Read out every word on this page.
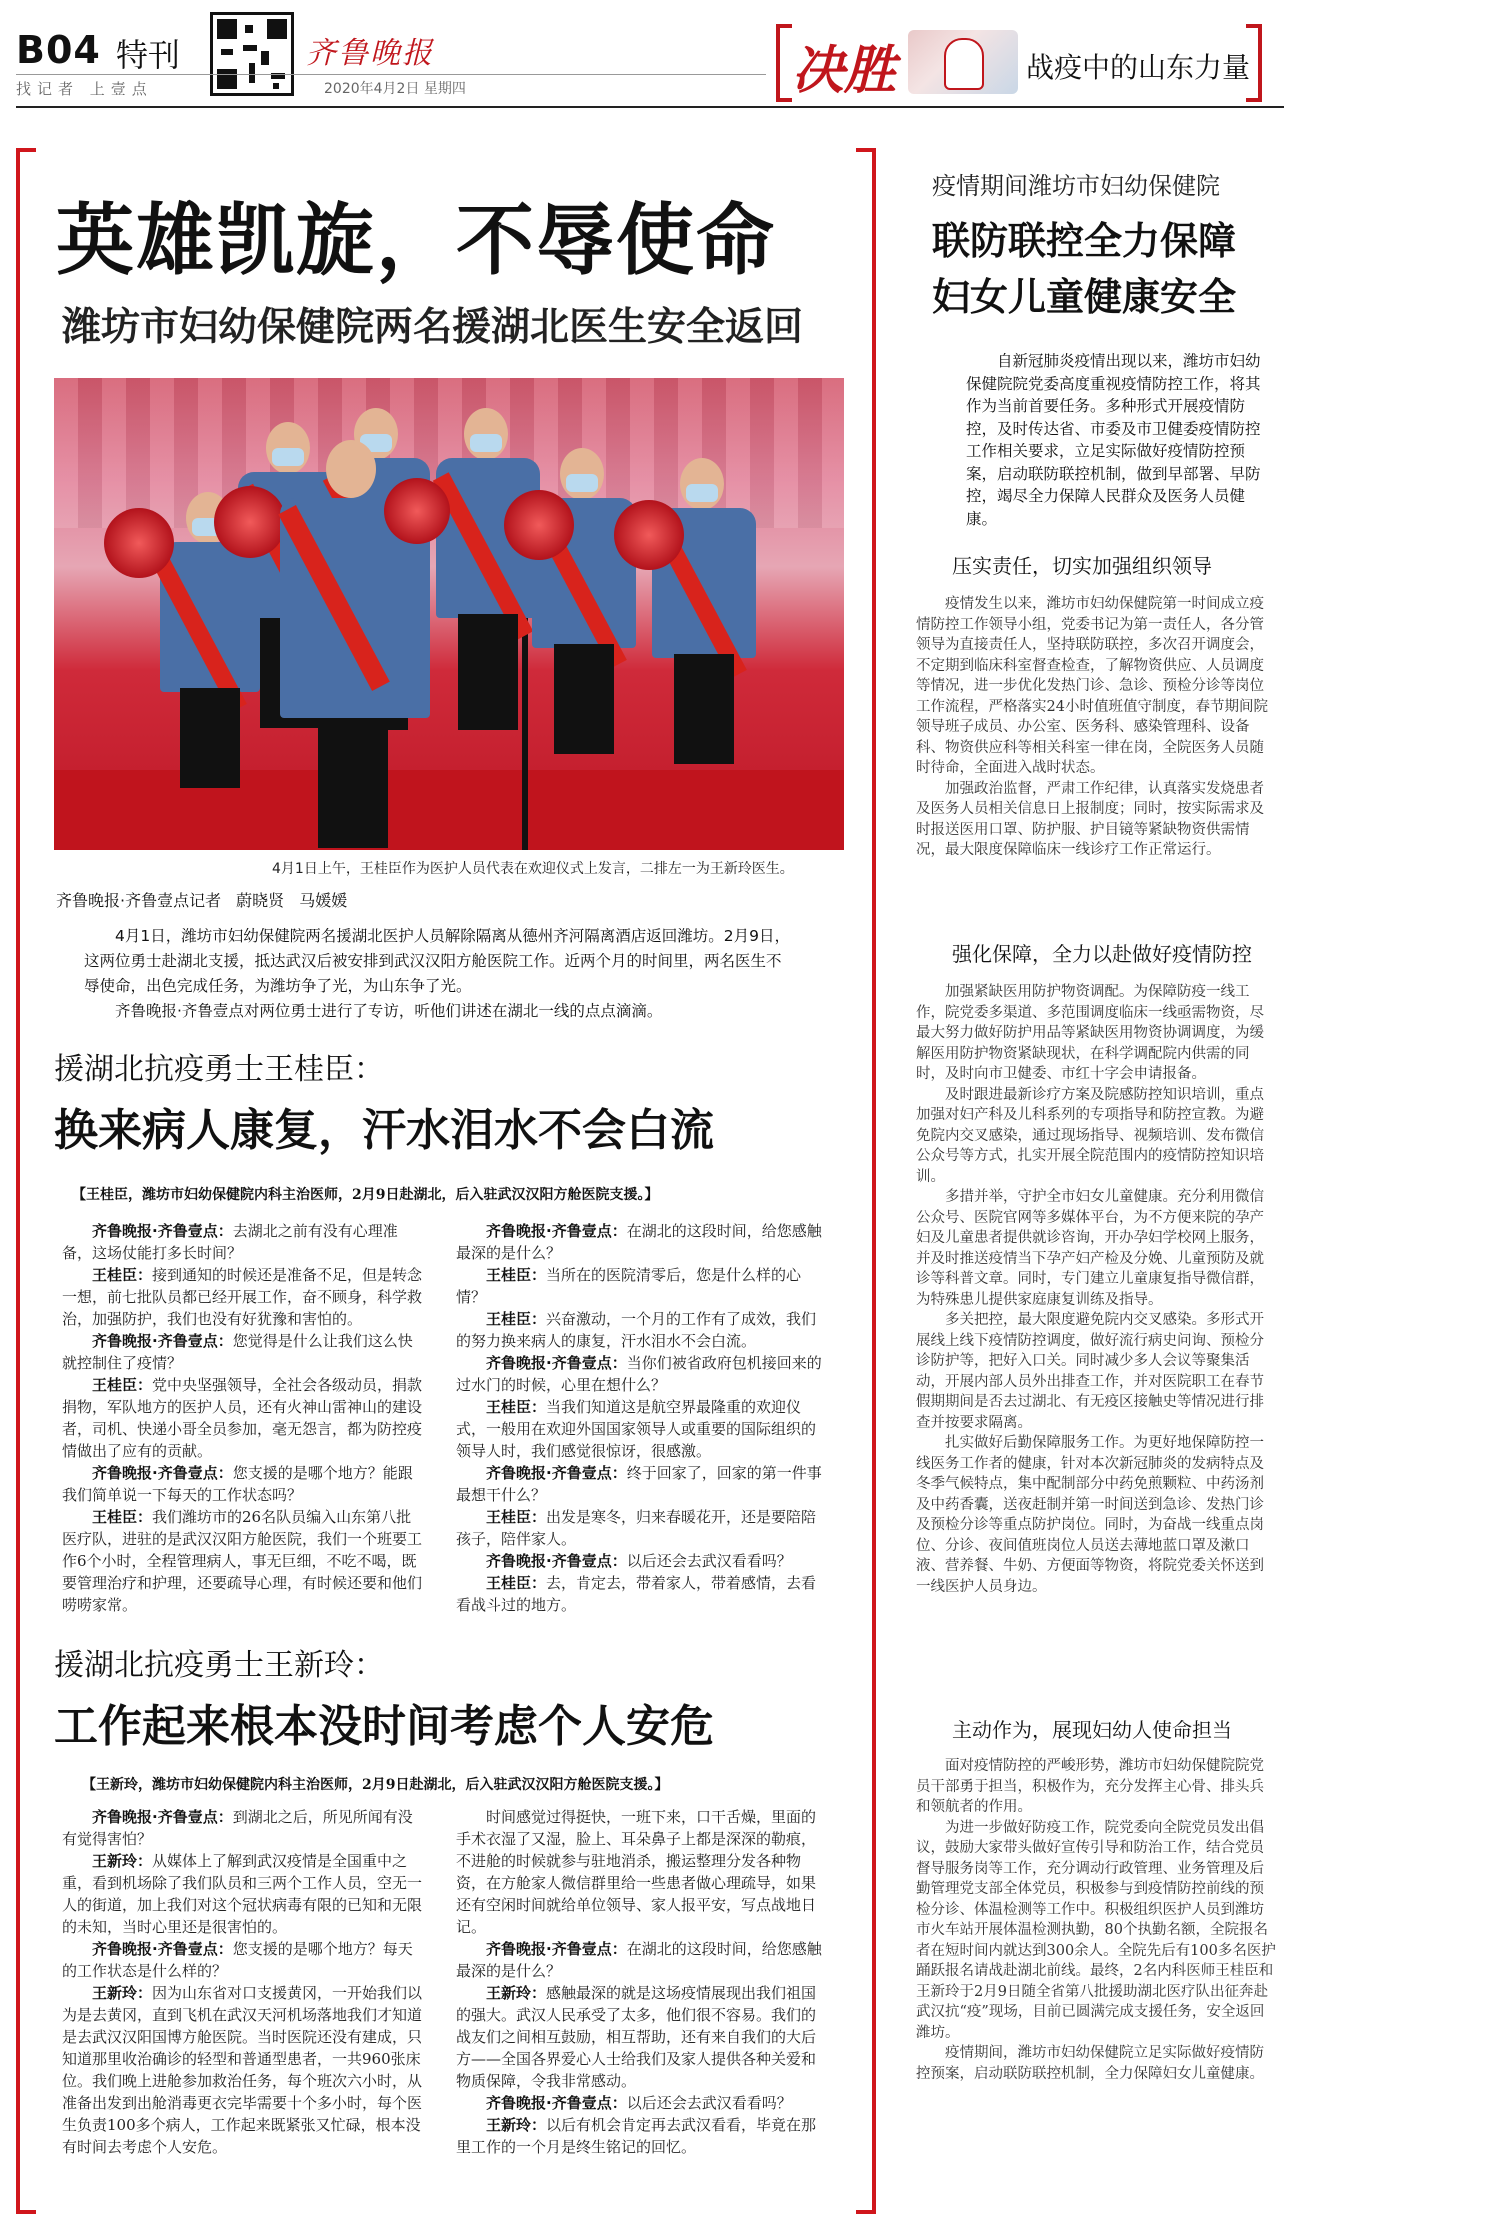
B04 特刊	齐鲁晚报
找记者 上壹点	2020年4月2日 星期四	决胜	战疫中的山东力量
英雄凯旋，不辱使命
潍坊市妇幼保健院两名援湖北医生安全返回
4月1日上午，王桂臣作为医护人员代表在欢迎仪式上发言，二排左一为王新玲医生。
齐鲁晚报·齐鲁壹点记者 蔚晓贤 马媛媛

4月1日，潍坊市妇幼保健院两名援湖北医护人员解除隔离从德州齐河隔离酒店返回潍坊。2月9日，这两位勇士赴湖北支援，抵达武汉后被安排到武汉汉阳方舱医院工作。近两个月的时间里，两名医生不辱使命，出色完成任务，为潍坊争了光，为山东争了光。

齐鲁晚报·齐鲁壹点对两位勇士进行了专访，听他们讲述在湖北一线的点点滴滴。

援湖北抗疫勇士王桂臣：
换来病人康复，汗水泪水不会白流
【王桂臣，潍坊市妇幼保健院内科主治医师，2月9日赴湖北，后入驻武汉汉阳方舱医院支援。】

齐鲁晚报·齐鲁壹点：去湖北之前有没有心理准备，这场仗能打多长时间？

王桂臣：接到通知的时候还是准备不足，但是转念一想，前七批队员都已经开展工作，奋不顾身，科学救治，加强防护，我们也没有好犹豫和害怕的。

齐鲁晚报·齐鲁壹点：您觉得是什么让我们这么快就控制住了疫情？

王桂臣：党中央坚强领导，全社会各级动员，捐款捐物，军队地方的医护人员，还有火神山雷神山的建设者，司机、快递小哥全员参加，毫无怨言，都为防控疫情做出了应有的贡献。

齐鲁晚报·齐鲁壹点：您支援的是哪个地方？能跟我们简单说一下每天的工作状态吗？

王桂臣：我们潍坊市的26名队员编入山东第八批医疗队，进驻的是武汉汉阳方舱医院，我们一个班要工作6个小时，全程管理病人，事无巨细，不吃不喝，既要管理治疗和护理，还要疏导心理，有时候还要和他们唠唠家常。

齐鲁晚报·齐鲁壹点：在湖北的这段时间，给您感触最深的是什么？

王桂臣：当所在的医院清零后，您是什么样的心情？

王桂臣：兴奋激动，一个月的工作有了成效，我们的努力换来病人的康复，汗水泪水不会白流。

齐鲁晚报·齐鲁壹点：当你们被省政府包机接回来的过水门的时候，心里在想什么？

王桂臣：当我们知道这是航空界最隆重的欢迎仪式，一般用在欢迎外国国家领导人或重要的国际组织的领导人时，我们感觉很惊讶，很感激。

齐鲁晚报·齐鲁壹点：终于回家了，回家的第一件事最想干什么？

王桂臣：出发是寒冬，归来春暖花开，还是要陪陪孩子，陪伴家人。

齐鲁晚报·齐鲁壹点：以后还会去武汉看看吗？

王桂臣：去，肯定去，带着家人，带着感情，去看看战斗过的地方。

援湖北抗疫勇士王新玲：
工作起来根本没时间考虑个人安危
【王新玲，潍坊市妇幼保健院内科主治医师，2月9日赴湖北，后入驻武汉汉阳方舱医院支援。】

齐鲁晚报·齐鲁壹点：到湖北之后，所见所闻有没有觉得害怕？

王新玲：从媒体上了解到武汉疫情是全国重中之重，看到机场除了我们队员和三两个工作人员，空无一人的街道，加上我们对这个冠状病毒有限的已知和无限的未知，当时心里还是很害怕的。

齐鲁晚报·齐鲁壹点：您支援的是哪个地方？每天的工作状态是什么样的？

王新玲：因为山东省对口支援黄冈，一开始我们以为是去黄冈，直到飞机在武汉天河机场落地我们才知道是去武汉汉阳国博方舱医院。当时医院还没有建成，只知道那里收治确诊的轻型和普通型患者，一共960张床位。我们晚上进舱参加救治任务，每个班次六小时，从准备出发到出舱消毒更衣完毕需要十个多小时，每个医生负责100多个病人，工作起来既紧张又忙碌，根本没有时间去考虑个人安危。

时间感觉过得挺快，一班下来，口干舌燥，里面的手术衣湿了又湿，脸上、耳朵鼻子上都是深深的勒痕，不进舱的时候就参与驻地消杀，搬运整理分发各种物资，在方舱家人微信群里给一些患者做心理疏导，如果还有空闲时间就给单位领导、家人报平安，写点战地日记。

齐鲁晚报·齐鲁壹点：在湖北的这段时间，给您感触最深的是什么？

王新玲：感触最深的就是这场疫情展现出我们祖国的强大。武汉人民承受了太多，他们很不容易。我们的战友们之间相互鼓励，相互帮助，还有来自我们的大后方——全国各界爱心人士给我们及家人提供各种关爱和物质保障，令我非常感动。

齐鲁晚报·齐鲁壹点：以后还会去武汉看看吗？

王新玲：以后有机会肯定再去武汉看看，毕竟在那里工作的一个月是终生铭记的回忆。

疫情期间潍坊市妇幼保健院
联防联控全力保障
妇女儿童健康安全

自新冠肺炎疫情出现以来，潍坊市妇幼保健院院党委高度重视疫情防控工作，将其作为当前首要任务。多种形式开展疫情防控，及时传达省、市委及市卫健委疫情防控工作相关要求，立足实际做好疫情防控预案，启动联防联控机制，做到早部署、早防控，竭尽全力保障人民群众及医务人员健康。

压实责任，切实加强组织领导

疫情发生以来，潍坊市妇幼保健院第一时间成立疫情防控工作领导小组，党委书记为第一责任人，各分管领导为直接责任人，坚持联防联控，多次召开调度会，不定期到临床科室督查检查，了解物资供应、人员调度等情况，进一步优化发热门诊、急诊、预检分诊等岗位工作流程，严格落实24小时值班值守制度，春节期间院领导班子成员、办公室、医务科、感染管理科、设备科、物资供应科等相关科室一律在岗，全院医务人员随时待命，全面进入战时状态。

加强政治监督，严肃工作纪律，认真落实发烧患者及医务人员相关信息日上报制度；同时，按实际需求及时报送医用口罩、防护服、护目镜等紧缺物资供需情况，最大限度保障临床一线诊疗工作正常运行。

强化保障，全力以赴做好疫情防控

加强紧缺医用防护物资调配。为保障防疫一线工作，院党委多渠道、多范围调度临床一线亟需物资，尽最大努力做好防护用品等紧缺医用物资协调调度，为缓解医用防护物资紧缺现状，在科学调配院内供需的同时，及时向市卫健委、市红十字会申请报备。

及时跟进最新诊疗方案及院感防控知识培训，重点加强对妇产科及儿科系列的专项指导和防控宣教。为避免院内交叉感染，通过现场指导、视频培训、发布微信公众号等方式，扎实开展全院范围内的疫情防控知识培训。

多措并举，守护全市妇女儿童健康。充分利用微信公众号、医院官网等多媒体平台，为不方便来院的孕产妇及儿童患者提供就诊咨询，开办孕妇学校网上服务，并及时推送疫情当下孕产妇产检及分娩、儿童预防及就诊等科普文章。同时，专门建立儿童康复指导微信群，为特殊患儿提供家庭康复训练及指导。

多关把控，最大限度避免院内交叉感染。多形式开展线上线下疫情防控调度，做好流行病史问询、预检分诊防护等，把好入口关。同时减少多人会议等聚集活动，开展内部人员外出排查工作，并对医院职工在春节假期期间是否去过湖北、有无疫区接触史等情况进行排查并按要求隔离。

扎实做好后勤保障服务工作。为更好地保障防控一线医务工作者的健康，针对本次新冠肺炎的发病特点及冬季气候特点，集中配制部分中药免煎颗粒、中药汤剂及中药香囊，送夜赶制并第一时间送到急诊、发热门诊及预检分诊等重点防护岗位。同时，为奋战一线重点岗位、分诊、夜间值班岗位人员送去薄地蓝口罩及漱口液、营养餐、牛奶、方便面等物资，将院党委关怀送到一线医护人员身边。

主动作为，展现妇幼人使命担当

面对疫情防控的严峻形势，潍坊市妇幼保健院院党员干部勇于担当，积极作为，充分发挥主心骨、排头兵和领航者的作用。

为进一步做好防疫工作，院党委向全院党员发出倡议，鼓励大家带头做好宣传引导和防治工作，结合党员督导服务岗等工作，充分调动行政管理、业务管理及后勤管理党支部全体党员，积极参与到疫情防控前线的预检分诊、体温检测等工作中。积极组织医护人员到潍坊市火车站开展体温检测执勤，80个执勤名额，全院报名者在短时间内就达到300余人。全院先后有100多名医护踊跃报名请战赴湖北前线。最终，2名内科医师王桂臣和王新玲于2月9日随全省第八批援助湖北医疗队出征奔赴武汉抗“疫”现场，目前已圆满完成支援任务，安全返回潍坊。

疫情期间，潍坊市妇幼保健院立足实际做好疫情防控预案，启动联防联控机制，全力保障妇女儿童健康。
